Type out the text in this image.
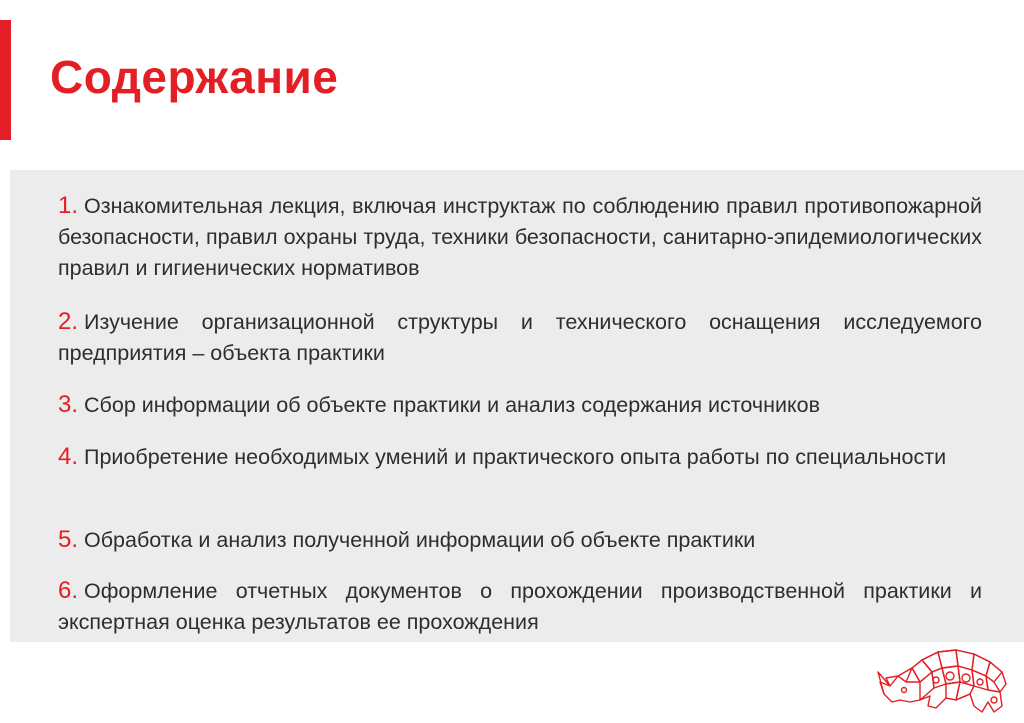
Содержание
1. Ознакомительная лекция, включая инструктаж по соблюдению правил противопожарной безопасности, правил охраны труда, техники безопасности, санитарно-эпидемиологических правил и гигиенических нормативов
2. Изучение организационной структуры и технического оснащения исследуемого предприятия – объекта практики
3. Сбор информации об объекте практики и анализ содержания источников
4. Приобретение необходимых умений и практического опыта работы по специальности
5. Обработка и анализ полученной информации об объекте практики
6. Оформление отчетных документов о прохождении производственной практики и экспертная оценка результатов ее прохождения
